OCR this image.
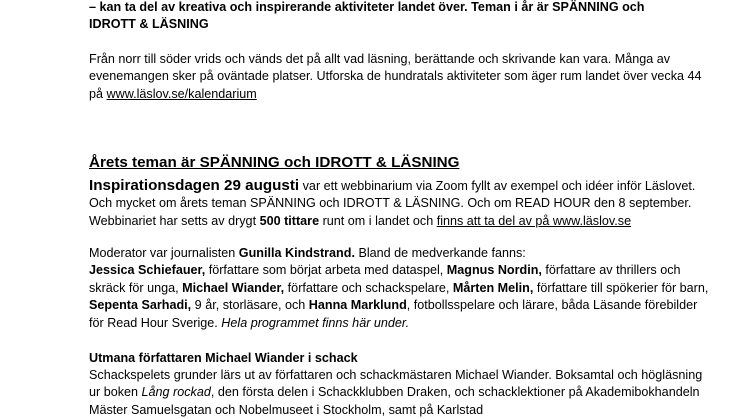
– kan ta del av kreativa och inspirerande aktiviteter landet över. Teman i år är SPÄNNING och
IDROTT & LÄSNING

Från norr till söder vrids och vänds det på allt vad läsning, berättande och skrivande kan vara. Många av evenemangen sker på oväntade platser. Utforska de hundratals aktiviteter som äger rum landet över vecka 44 på www.läslov.se/kalendarium

Årets teman är SPÄNNING och IDROTT & LÄSNING

Inspirationsdagen 29 augusti var ett webbinarium via Zoom fyllt av exempel och idéer inför Läslovet. Och mycket om årets teman SPÄNNING och IDROTT & LÄSNING. Och om READ HOUR den 8 september. Webbinariet har setts av drygt 500 tittare runt om i landet och finns att ta del av på www.läslov.se

Moderator var journalisten Gunilla Kindstrand. Bland de medverkande fanns:
Jessica Schiefauer, författare som börjat arbeta med dataspel, Magnus Nordin, författare av thrillers och skräck för unga, Michael Wiander, författare och schackspelare, Mårten Melin, författare till spökerier för barn, Sepenta Sarhadi, 9 år, storläsare, och Hanna Marklund, fotbollsspelare och lärare, båda Läsande förebilder för Read Hour Sverige. Hela programmet finns här under.

Utmana författaren Michael Wiander i schack

Schackspelets grunder lärs ut av författaren och schackmästaren Michael Wiander. Boksamtal och högläsning ur boken Lång rockad, den första delen i Schackklubben Draken, och schacklektioner på Akademibokhandeln Mäster Samuelsgatan och Nobelmuseet i Stockholm, samt på Karlstad
